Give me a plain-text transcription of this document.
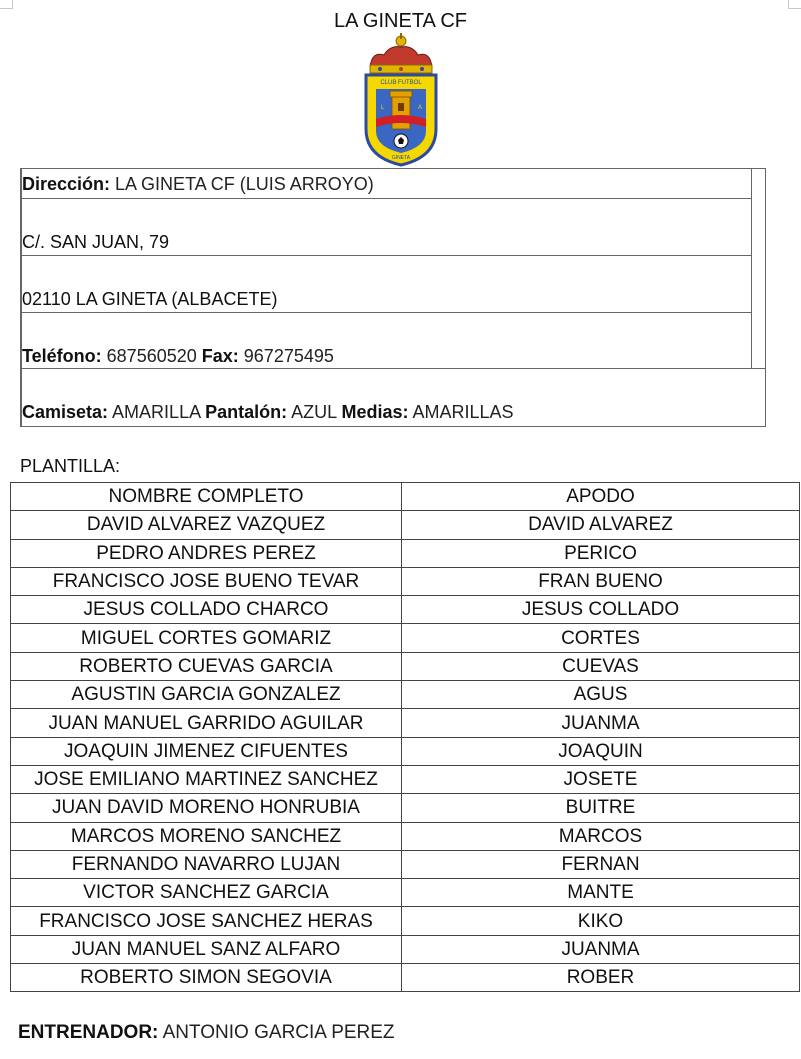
LA GINETA CF
CLUB FUTBOL
L	A
GINETA
Dirección: LA GINETA CF (LUIS ARROYO)
C/. SAN JUAN, 79
02110 LA GINETA (ALBACETE)
Teléfono: 687560520 Fax: 967275495
Camiseta: AMARILLA Pantalón: AZUL Medias: AMARILLAS
PLANTILLA:
NOMBRE COMPLETO	APODO
DAVID ALVAREZ VAZQUEZ	DAVID ALVAREZ
PEDRO ANDRES PEREZ	PERICO
FRANCISCO JOSE BUENO TEVAR	FRAN BUENO
JESUS COLLADO CHARCO	JESUS COLLADO
MIGUEL CORTES GOMARIZ	CORTES
ROBERTO CUEVAS GARCIA	CUEVAS
AGUSTIN GARCIA GONZALEZ	AGUS
JUAN MANUEL GARRIDO AGUILAR	JUANMA
JOAQUIN JIMENEZ CIFUENTES	JOAQUIN
JOSE EMILIANO MARTINEZ SANCHEZ	JOSETE
JUAN DAVID MORENO HONRUBIA	BUITRE
MARCOS MORENO SANCHEZ	MARCOS
FERNANDO NAVARRO LUJAN	FERNAN
VICTOR SANCHEZ GARCIA	MANTE
FRANCISCO JOSE SANCHEZ HERAS	KIKO
JUAN MANUEL SANZ ALFARO	JUANMA
ROBERTO SIMON SEGOVIA	ROBER
ENTRENADOR: ANTONIO GARCIA PEREZ
